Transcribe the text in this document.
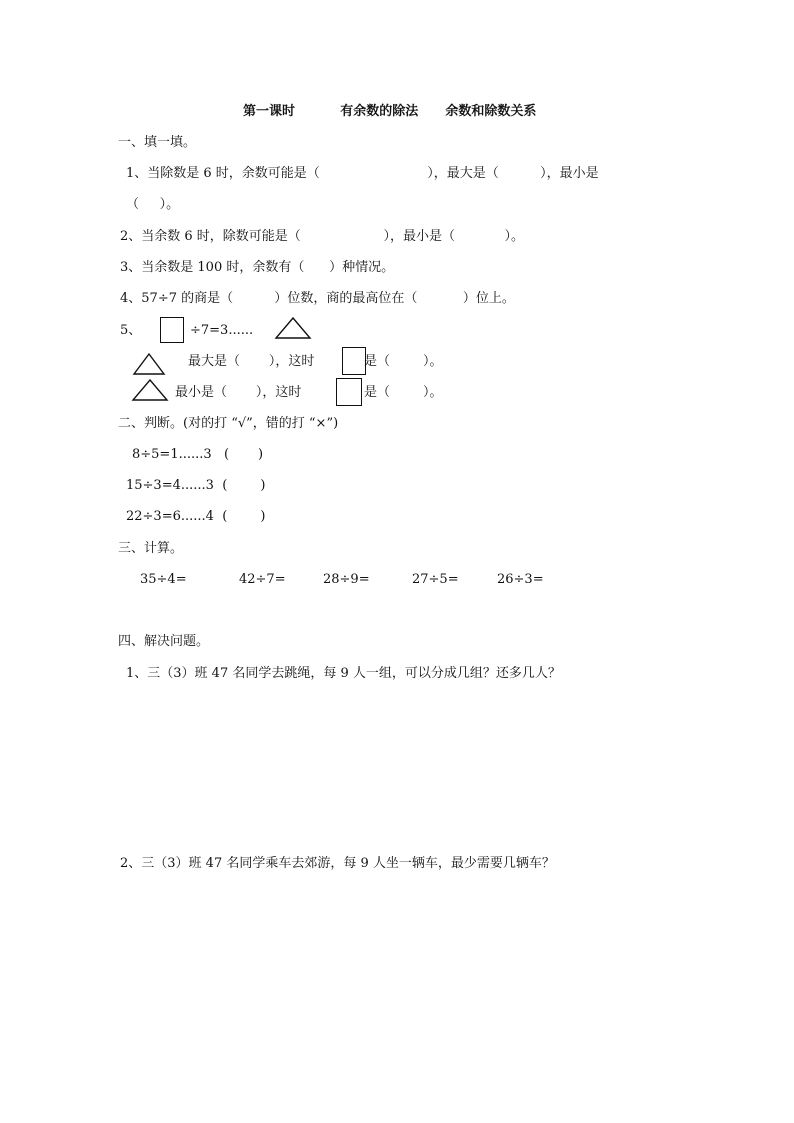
第一课时          有余数的除法      余数和除数关系
一、填一填。
1、当除数是 6 时，余数可能是（                          ），最大是（          ），最小是
（     ）。
2、当余数 6 时，除数可能是（                    ），最小是（            ）。
3、当余数是 100 时，余数有（      ）种情况。
4、57÷7 的商是（          ）位数，商的最高位在（           ）位上。
5、	÷7=3......
最大是（       ），这时	是（        ）。
最小是（       ），这时	是（        ）。
二、判断。(对的打 “√”，错的打 “×”)
8÷5=1......3   (       )
15÷3=4......3  (        )
22÷3=6......4  (        )
三、计算。
35÷4=	42÷7=	28÷9=	27÷5=	26÷3=
四、解决问题。
1、三（3）班 47 名同学去跳绳，每 9 人一组，可以分成几组？还多几人？
2、三（3）班 47 名同学乘车去郊游，每 9 人坐一辆车，最少需要几辆车？
